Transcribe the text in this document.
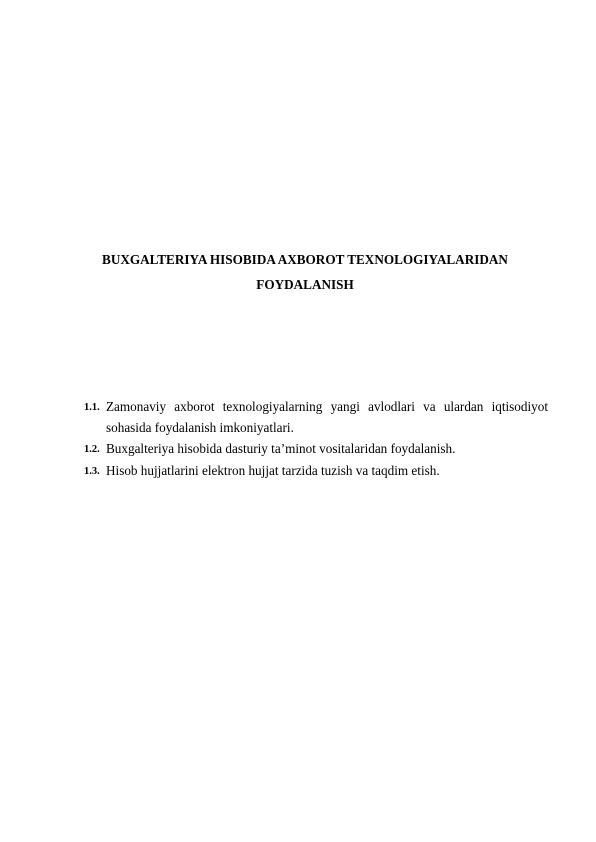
BUXGALTERIYA HISOBIDA AXBOROT TEXNOLOGIYALARIDAN
FOYDALANISH
1.1. Zamonaviy axborot texnologiyalarning yangi avlodlari va ulardan iqtisodiyot
sohasida foydalanish imkoniyatlari.
1.2. Buxgalteriya hisobida dasturiy ta’minot vositalaridan foydalanish.
1.3. Hisob hujjatlarini elektron hujjat tarzida tuzish va taqdim etish.
